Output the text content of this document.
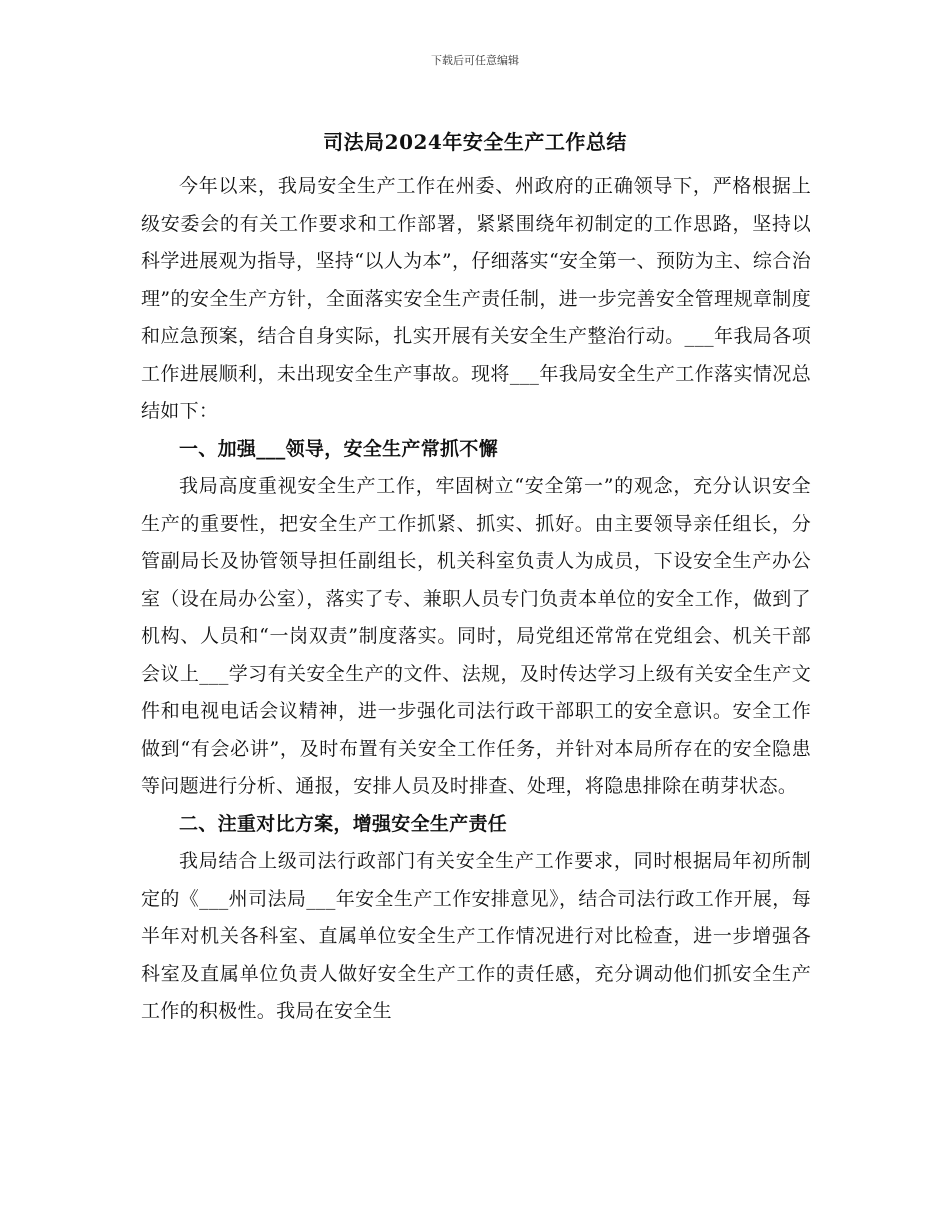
下载后可任意编辑
司法局2024年安全生产工作总结

今年以来，我局安全生产工作在州委、州政府的正确领导下，严格根据上级安委会的有关工作要求和工作部署，紧紧围绕年初制定的工作思路，坚持以科学进展观为指导，坚持“以人为本”，仔细落实“安全第一、预防为主、综合治理”的安全生产方针，全面落实安全生产责任制，进一步完善安全管理规章制度和应急预案，结合自身实际，扎实开展有关安全生产整治行动。___年我局各项工作进展顺利，未出现安全生产事故。现将___年我局安全生产工作落实情况总结如下：

一、加强___领导，安全生产常抓不懈

我局高度重视安全生产工作，牢固树立“安全第一”的观念，充分认识安全生产的重要性，把安全生产工作抓紧、抓实、抓好。由主要领导亲任组长，分管副局长及协管领导担任副组长，机关科室负责人为成员，下设安全生产办公室（设在局办公室），落实了专、兼职人员专门负责本单位的安全工作，做到了机构、人员和“一岗双责”制度落实。同时，局党组还常常在党组会、机关干部会议上___学习有关安全生产的文件、法规，及时传达学习上级有关安全生产文件和电视电话会议精神，进一步强化司法行政干部职工的安全意识。安全工作做到“有会必讲”，及时布置有关安全工作任务，并针对本局所存在的安全隐患等问题进行分析、通报，安排人员及时排查、处理，将隐患排除在萌芽状态。

二、注重对比方案，增强安全生产责任

我局结合上级司法行政部门有关安全生产工作要求，同时根据局年初所制定的《___州司法局___年安全生产工作安排意见》，结合司法行政工作开展，每半年对机关各科室、直属单位安全生产工作情况进行对比检查，进一步增强各科室及直属单位负责人做好安全生产工作的责任感，充分调动他们抓安全生产工作的积极性。我局在安全生
